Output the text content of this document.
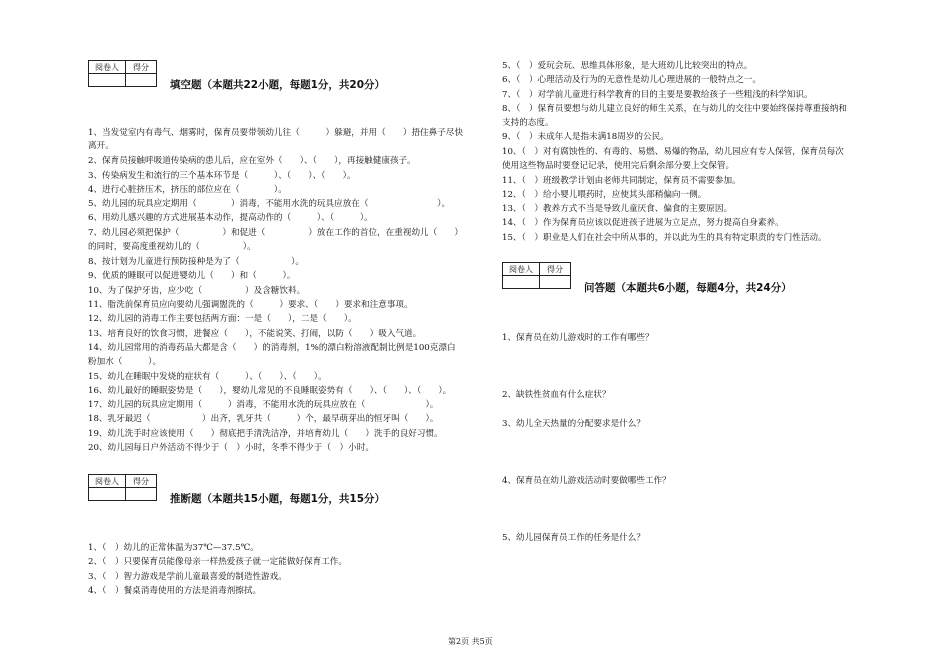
阅卷人	得分

填空题（本题共22小题，每题1分，共20分）
1、当发觉室内有毒气、烟雾时，保育员要带领幼儿往（　　　）躲避，并用（　　）捂住鼻子尽快
离开。
2、保育员接触呼吸道传染病的患儿后，应在室外（　　）、（　　），再接触健康孩子。
3、传染病发生和流行的三个基本环节是（　　　）、（　　）、（　　）。
4、进行心脏挤压术，挤压的部位应在（　　　　）。
5、幼儿园的玩具应定期用（　　　　）消毒，不能用水洗的玩具应放在（　　　　　　　　）。
6、用幼儿感兴趣的方式进展基本动作，提高动作的（　　　）、（　　　）。
7、幼儿园必须把保护（　　　　　）和促进（　　　　　）放在工作的首位，在重视幼儿（　　）
的同时，要高度重视幼儿的（　　　　　）。
8、按计划为儿童进行预防接种是为了（　　　　　　）。
9、优质的睡眠可以促进婴幼儿（　　）和（　　　）。
10、为了保护牙齿，应少吃（　　　　　）及含糖饮料。
11、脂洗前保育员应向要幼儿强调盥洗的（　　　）要求、（　　）要求和注意事项。
12、幼儿园的消毒工作主要包括两方面：一是（　　），二是（　　）。
13、培育良好的饮食习惯，进餐应（　　），不能说笑、打闹，以防（　　）吸入气道。
14、幼儿园常用的消毒药品大都是含（　　）的消毒剂，1%的漂白粉溶液配制比例是100克漂白
粉加水（　　　）。
15、幼儿在睡眠中发烧的症状有（　　　）、（　　）、（　　）。
16、幼儿最好的睡眠姿势是（　　），婴幼儿常见的不良睡眠姿势有（　　）、（　　）、（　　）。
17、幼儿园的玩具应定期用（　　　）消毒，不能用水洗的玩具应放在（　　　　　　　）。
18、乳牙最迟（　　　　　　）出齐，乳牙共（　　　）个，最早萌芽出的恒牙叫（　　）。
19、幼儿洗手时应该使用（　　）彻底把手清洗洁净，并培育幼儿（　　）洗手的良好习惯。
20、幼儿园每日户外活动不得少于（　）小时，冬季不得少于（　）小时。
阅卷人	得分

推断题（本题共15小题，每题1分，共15分）
1、（　）幼儿的正常体温为37℃—37.5℃。
2、（　）只要保育员能像母亲一样热爱孩子就一定能做好保育工作。
3、（　）智力游戏是学前儿童最喜爱的制造性游戏。
4、（　）餐桌消毒使用的方法是消毒剂擦拭。
5、（　）爱玩会玩、思维具体形象，是大班幼儿比较突出的特点。
6、（　）心理活动及行为的无意性是幼儿心理进展的一般特点之一。
7、（　）对学前儿童进行科学教育的目的主要是要教给孩子一些粗浅的科学知识。
8、（　）保育员要想与幼儿建立良好的师生关系，在与幼儿的交往中要始终保持尊重接纳和
支持的态度。
9、（　）未成年人是指未满18周岁的公民。
10、（　）对有腐蚀性的、有毒的、易燃、易爆的物品，幼儿园应有专人保管，保育员每次
使用这些物品时要登记记录，使用完后剩余部分要上交保管。
11、（　）班级教学计划由老师共同制定，保育员不需要参加。
12、（　）给小婴儿喂药时，应使其头部稍偏向一侧。
13、（　）教养方式不当是导致儿童厌食、偏食的主要原因。
14、（　）作为保育员应该以促进孩子进展为立足点，努力提高自身素养。
15、（　）职业是人们在社会中所从事的，并以此为生的具有特定职责的专门性活动。
阅卷人	得分

问答题（本题共6小题，每题4分，共24分）
1、保育员在幼儿游戏时的工作有哪些？
2、缺铁性贫血有什么症状？
3、幼儿全天热量的分配要求是什么？
4、保育员在幼儿游戏活动时要做哪些工作？
5、幼儿园保育员工作的任务是什么？
第2页 共5页
